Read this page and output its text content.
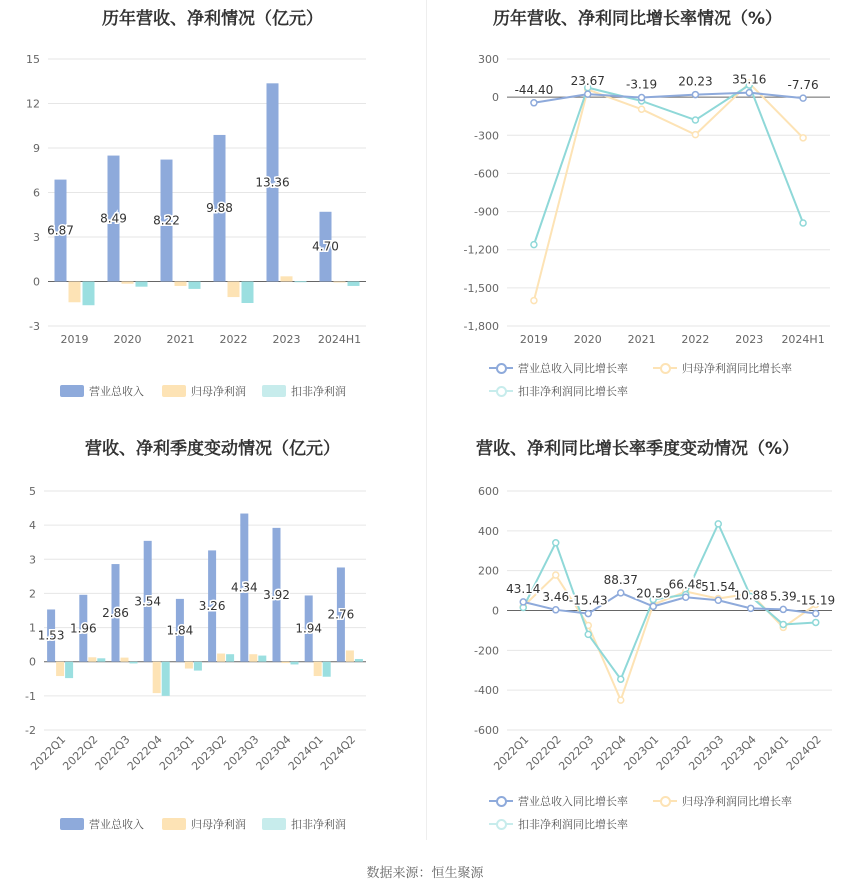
历年营收、净利情况（亿元）
15
12
9
6
3
0
-3
2019 2020 2021 2022 2023 2024H1
6.87
8.49 8.22
9.88
13.36
4.70
营业总收入	归母净利润	扣非净利润
历年营收、净利同比增长率情况（%）
300
0
-300
-600
-900
-1,200
-1,500
-1,800
2019 2020 2021 2022 2023 2024H1
-44.40
23.67 -3.19 20.23 35.16 -7.76
营业总收入同比增长率	归母净利润同比增长率
扣非净利润同比增长率
营收、净利季度变动情况（亿元）
5
4
3
2
1
0
-1
-2
2022Q1
2022Q2
2022Q3
2022Q4
2023Q1
2023Q2
2023Q3
2023Q4
2024Q1
2024Q2
1.53
1.96
2.86
3.54
1.84
3.26
4.34
3.92
1.94
2.76
营业总收入	归母净利润	扣非净利润
营收、净利同比增长率季度变动情况（%）
600
400
200
0
-200
-400
-600
2022Q1
2022Q2
2022Q3
2022Q4
2023Q1
2023Q2
2023Q3
2023Q4
2024Q1
2024Q2
43.14
3.46 -15.43
88.37
20.59
66.48
51.54
10.88 5.39 -15.19
营业总收入同比增长率	归母净利润同比增长率
扣非净利润同比增长率
数据来源：恒生聚源
